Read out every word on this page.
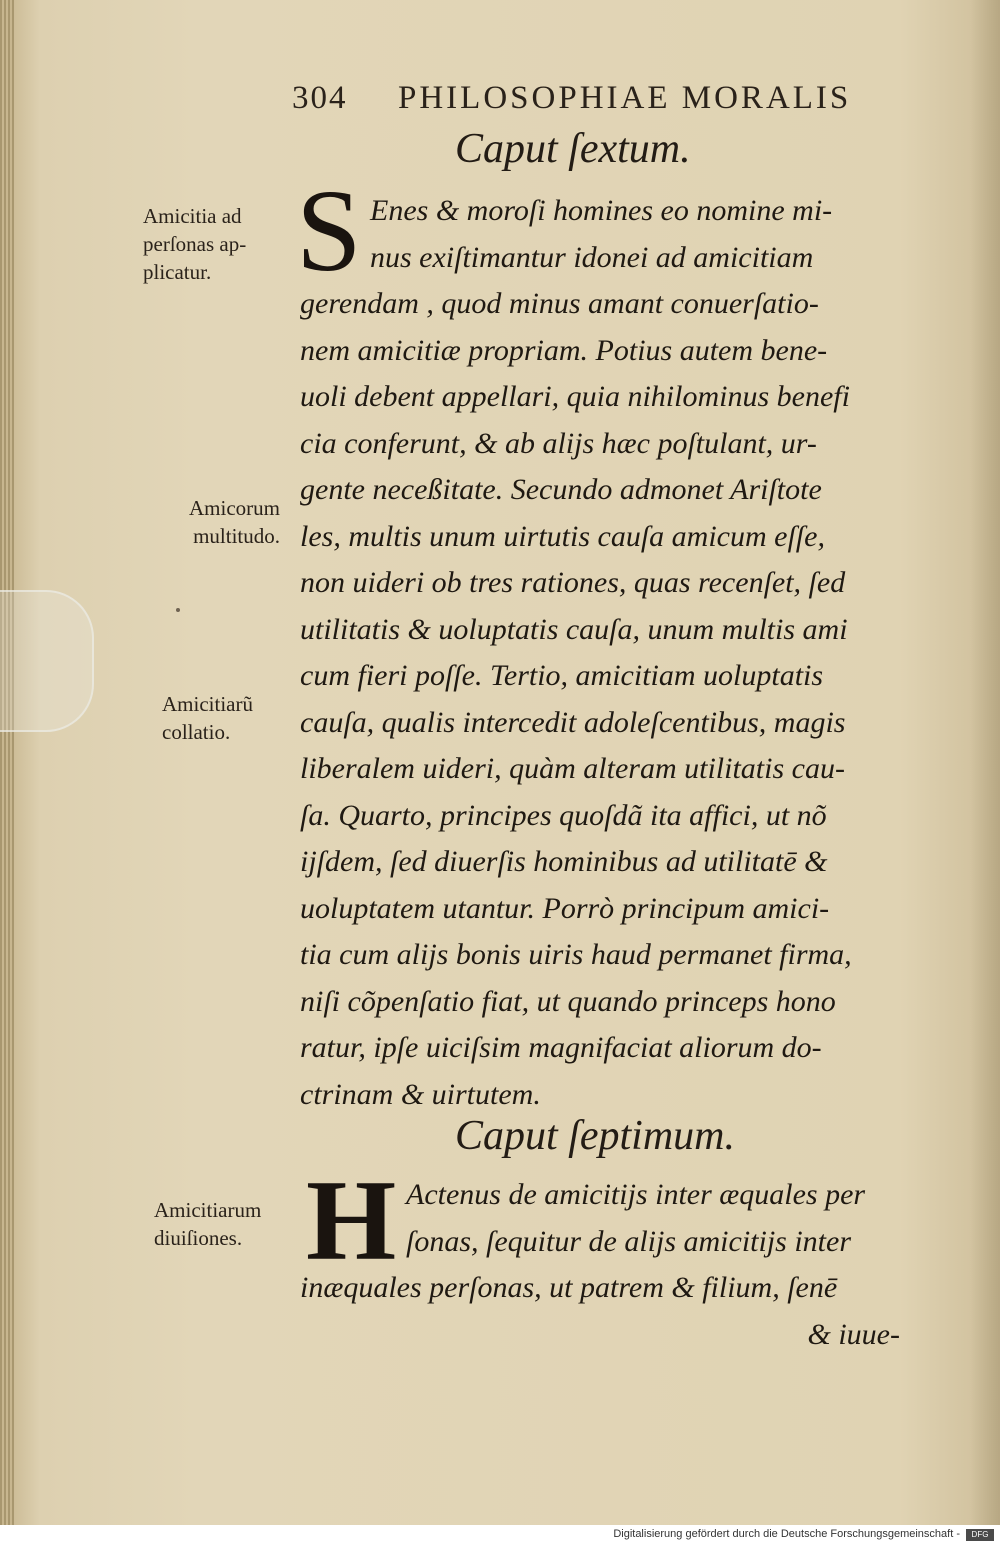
304 PHILOSOPHIAE MORALIS
Caput ſextum.
S Enes & moroſi homines eo nomine mi-
nus exiſtimantur idonei ad amicitiam
gerendam , quod minus amant conuerſatio-
nem amicitiæ propriam. Potius autem bene-
uoli debent appellari, quia nihilominus benefi
cia conferunt, & ab alijs hæc poſtulant, ur-
gente neceßitate. Secundo admonet Ariſtote
les, multis unum uirtutis cauſa amicum eſſe,
non uideri ob tres rationes, quas recenſet, ſed
utilitatis & uoluptatis cauſa, unum multis ami
cum fieri poſſe. Tertio, amicitiam uoluptatis
cauſa, qualis intercedit adoleſcentibus, magis
liberalem uideri, quàm alteram utilitatis cau-
ſa. Quarto, principes quoſdã ita affici, ut nõ
ijſdem, ſed diuerſis hominibus ad utilitatē &
uoluptatem utantur. Porrò principum amici-
tia cum alijs bonis uiris haud permanet firma,
niſi cõpenſatio fiat, ut quando princeps hono
ratur, ipſe uiciſsim magnifaciat aliorum do-
ctrinam & uirtutem.
Caput ſeptimum.
H Actenus de amicitijs inter æquales per
ſonas, ſequitur de alijs amicitijs inter
inæquales perſonas, ut patrem & filium, ſenē
& iuue-
Amicitia ad
perſonas ap-
plicatur.
Amicorum
multitudo.
Amicitiarũ
collatio.
Amicitiarum
diuiſiones.
Digitalisierung gefördert durch die Deutsche Forschungsgemeinschaft -	DFG
